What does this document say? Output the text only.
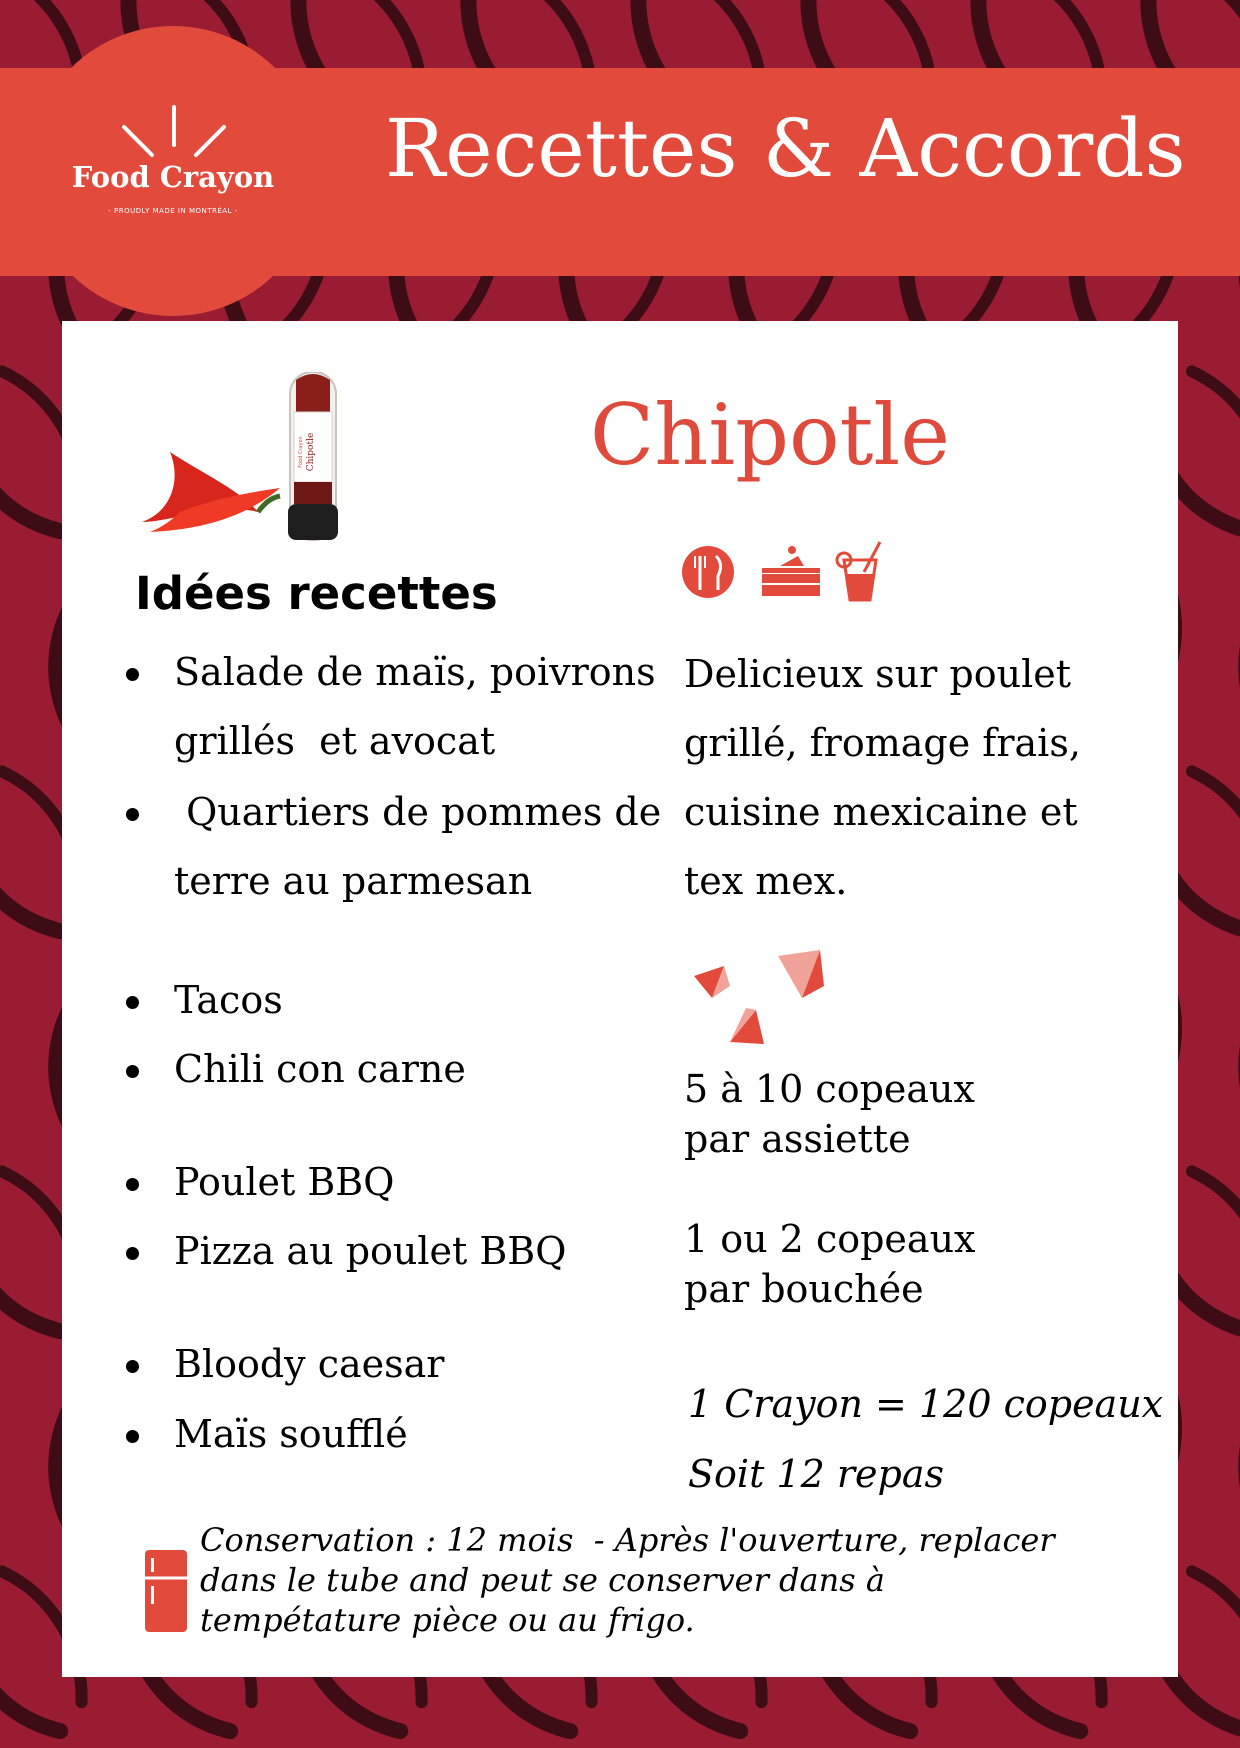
Recettes & Accords
Food Crayon
- PROUDLY MADE IN MONTRÉAL -
Chipotle
Food Crayon	Chipotle
Idées recettes
Salade de maïs, poivrons
grillés  et avocat
Quartiers de pommes de
terre au parmesan
Tacos
Chili con carne
Poulet BBQ
Pizza au poulet BBQ
Bloody caesar
Maïs soufflé
Delicieux sur poulet
grillé, fromage frais,
cuisine mexicaine et
tex mex.
5 à 10 copeaux
par assiette
1 ou 2 copeaux
par bouchée
1 Crayon = 120 copeaux
Soit 12 repas
Conservation : 12 mois  - Après l'ouverture, replacer
dans le tube and peut se conserver dans à
tempétature pièce ou au frigo.
